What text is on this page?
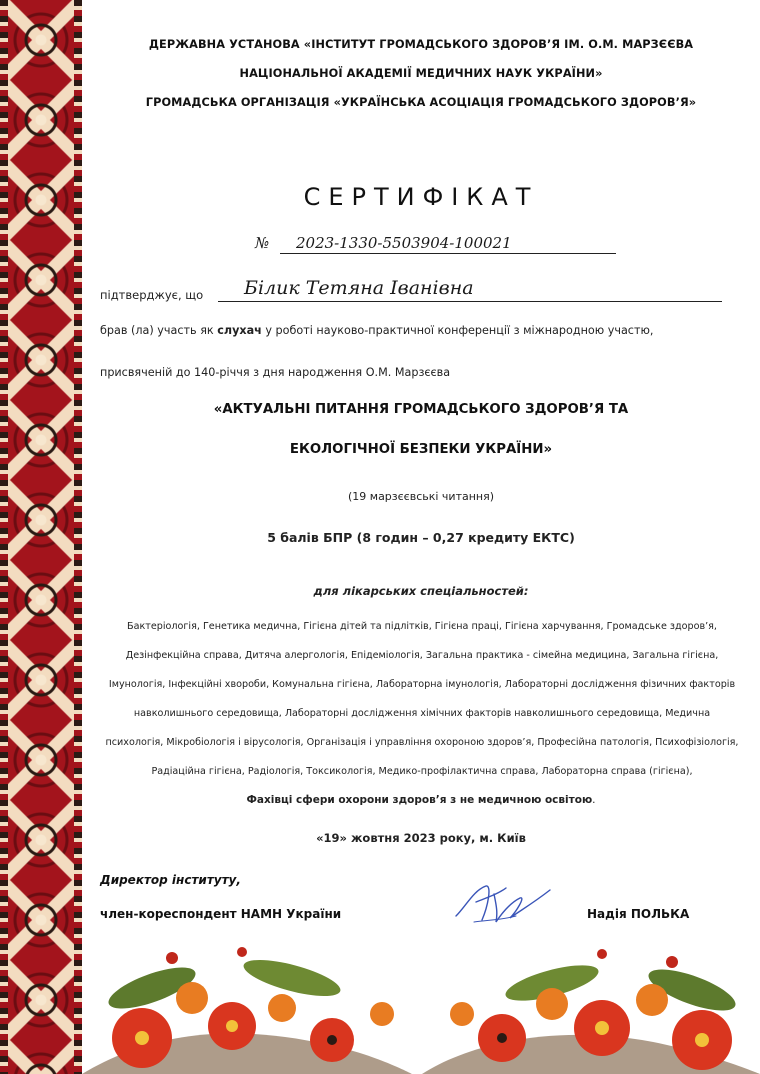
ДЕРЖАВНА УСТАНОВА «ІНСТИТУТ ГРОМАДСЬКОГО ЗДОРОВ’Я ІМ. О.М. МАРЗЄЄВА
НАЦІОНАЛЬНОЇ АКАДЕМІЇ МЕДИЧНИХ НАУК УКРАЇНИ»
ГРОМАДСЬКА ОРГАНІЗАЦІЯ «УКРАЇНСЬКА АСОЦІАЦІЯ ГРОМАДСЬКОГО ЗДОРОВ’Я»
СЕРТИФІКАТ
№	2023-1330-5503904-100021
підтверджує, що	Білик Тетяна Іванівна
брав (ла) участь як слухач у роботі науково-практичної конференції з міжнародною участю,
присвяченій до 140-річчя з дня народження О.М. Марзєєва
«АКТУАЛЬНІ ПИТАННЯ ГРОМАДСЬКОГО ЗДОРОВ’Я ТА
ЕКОЛОГІЧНОЇ БЕЗПЕКИ УКРАЇНИ»
(19 марзєєвські читання)
5 балів БПР (8 годин – 0,27 кредиту ЕКТС)
для лікарських спеціальностей:
Бактеріологія, Генетика медична, Гігієна дітей та підлітків, Гігієна праці, Гігієна харчування, Громадське здоров’я, Дезінфекційна справа, Дитяча алергологія, Епідеміологія, Загальна практика - сімейна медицина, Загальна гігієна, Імунологія, Інфекційні хвороби, Комунальна гігієна, Лабораторна імунологія, Лабораторні дослідження фізичних факторів навколишнього середовища, Лабораторні дослідження хімічних факторів навколишнього середовища, Медична психологія, Мікробіологія і вірусологія, Організація і управління охороною здоров’я, Професійна патологія, Психофізіологія, Радіаційна гігієна, Радіологія, Токсикологія, Медико-профілактична справа, Лабораторна справа (гігієна),
Фахівці сфери охорони здоров’я з не медичною освітою.
«19» жовтня 2023 року, м. Київ
Директор інституту,
член-кореспондент НАМН України	Надія ПОЛЬКА
